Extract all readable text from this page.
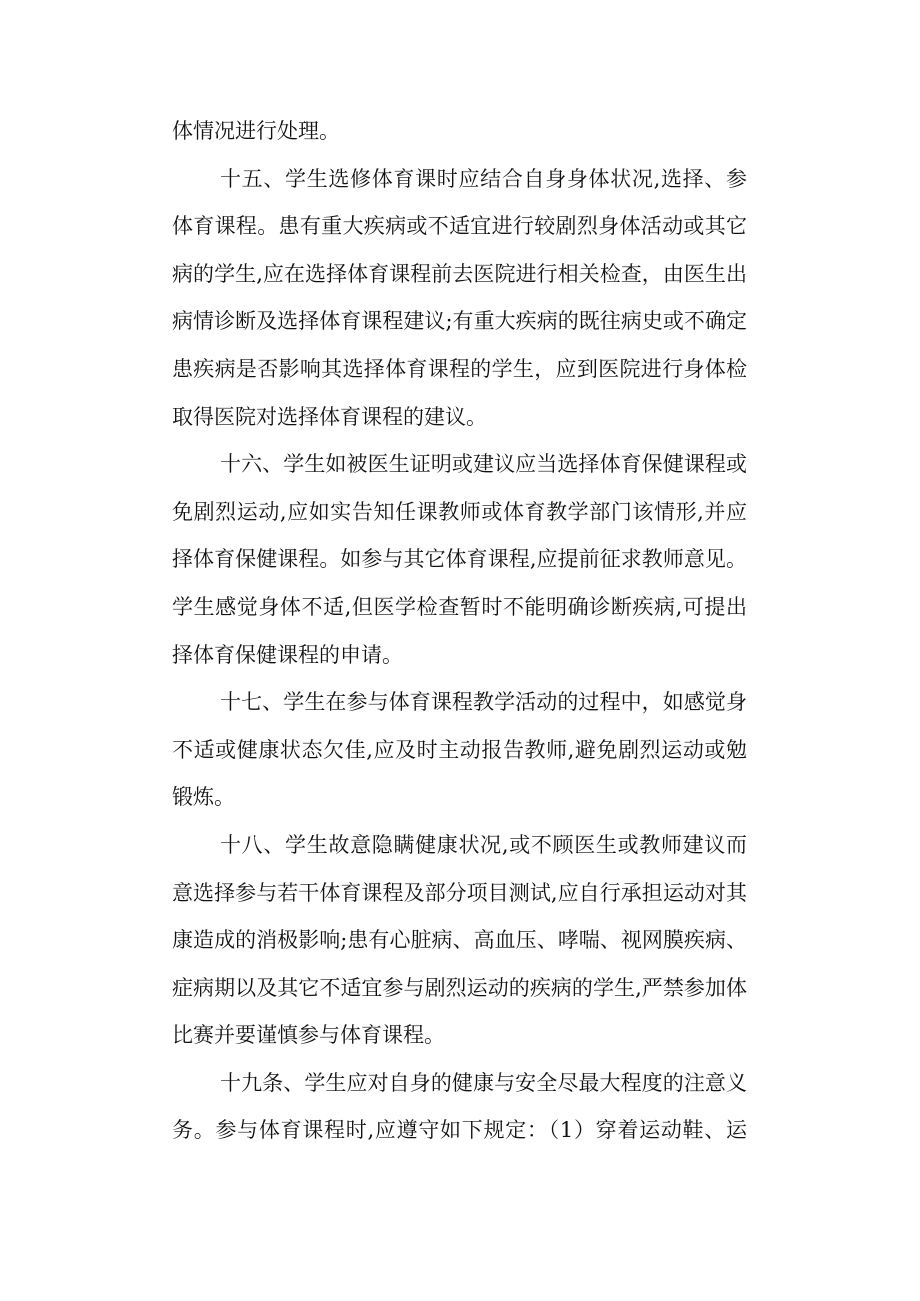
体情况进行处理。
十五、学生选修体育课时应结合自身身体状况,选择、参
体育课程。患有重大疾病或不适宜进行较剧烈身体活动或其它
病的学生,应在选择体育课程前去医院进行相关检查，由医生出
病情诊断及选择体育课程建议;有重大疾病的既往病史或不确定
患疾病是否影响其选择体育课程的学生，应到医院进行身体检
取得医院对选择体育课程的建议。
十六、学生如被医生证明或建议应当选择体育保健课程或
免剧烈运动,应如实告知任课教师或体育教学部门该情形,并应
择体育保健课程。如参与其它体育课程,应提前征求教师意见。
学生感觉身体不适,但医学检查暂时不能明确诊断疾病,可提出
择体育保健课程的申请。
十七、学生在参与体育课程教学活动的过程中，如感觉身
不适或健康状态欠佳,应及时主动报告教师,避免剧烈运动或勉
锻炼。
十八、学生故意隐瞒健康状况,或不顾医生或教师建议而
意选择参与若干体育课程及部分项目测试,应自行承担运动对其
康造成的消极影响;患有心脏病、高血压、哮喘、视网膜疾病、
症病期以及其它不适宜参与剧烈运动的疾病的学生,严禁参加体
比赛并要谨慎参与体育课程。
十九条、学生应对自身的健康与安全尽最大程度的注意义
务。参与体育课程时,应遵守如下规定：（1）穿着运动鞋、运
